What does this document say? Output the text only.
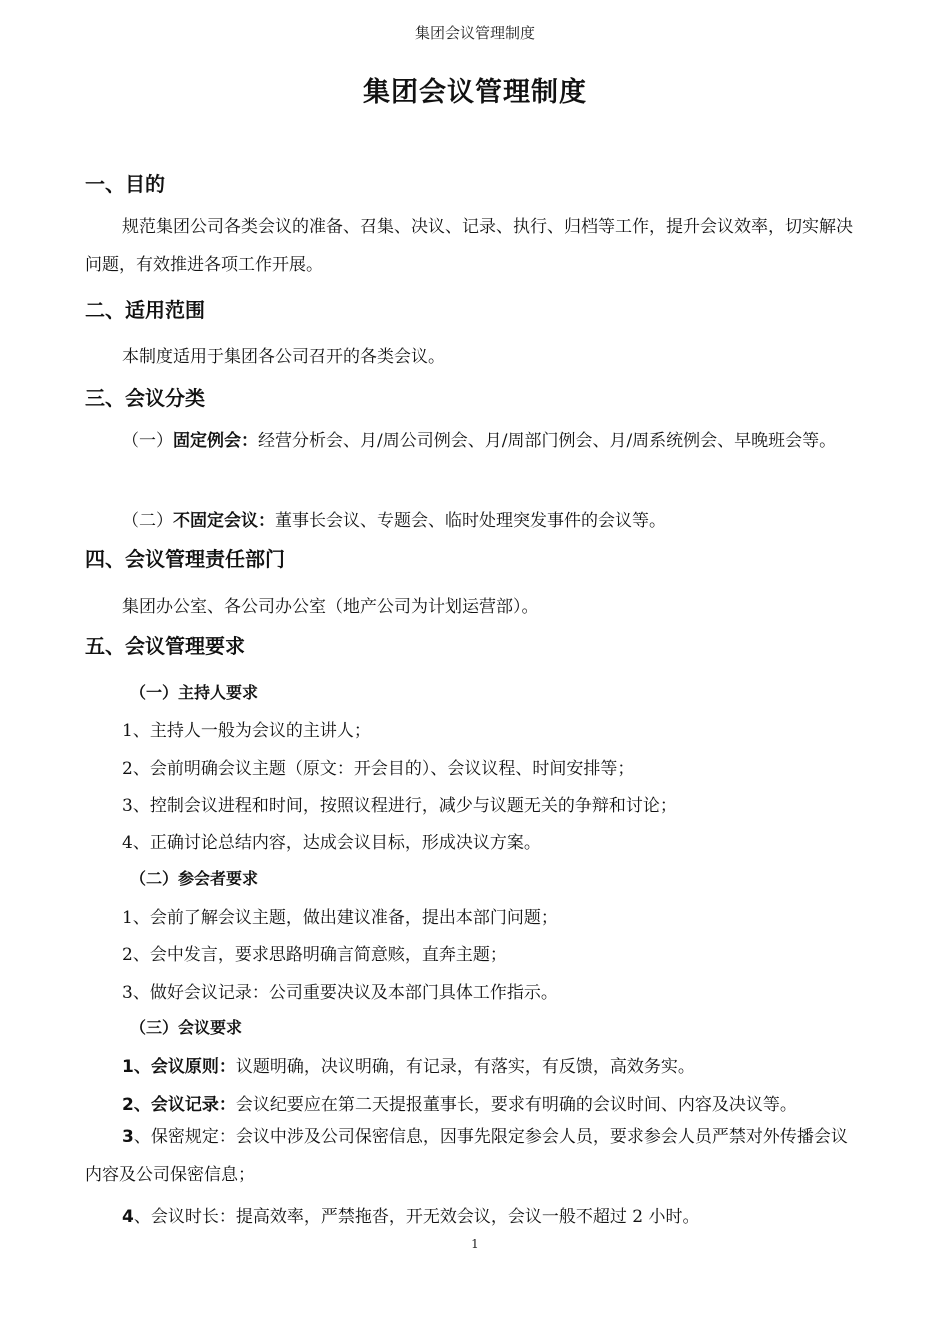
集团会议管理制度
集团会议管理制度
一、目的
规范集团公司各类会议的准备、召集、决议、记录、执行、归档等工作，提升会议效率，切实解决问题，有效推进各项工作开展。
二、适用范围
本制度适用于集团各公司召开的各类会议。
三、会议分类
（一）固定例会：经营分析会、月/周公司例会、月/周部门例会、月/周系统例会、早晚班会等。
（二）不固定会议：董事长会议、专题会、临时处理突发事件的会议等。
四、会议管理责任部门
集团办公室、各公司办公室（地产公司为计划运营部）。
五、会议管理要求
（一）主持人要求
1、主持人一般为会议的主讲人；
2、会前明确会议主题（原文：开会目的）、会议议程、时间安排等；
3、控制会议进程和时间，按照议程进行，减少与议题无关的争辩和讨论；
4、正确讨论总结内容，达成会议目标，形成决议方案。
（二）参会者要求
1、会前了解会议主题，做出建议准备，提出本部门问题；
2、会中发言，要求思路明确言简意赅，直奔主题；
3、做好会议记录：公司重要决议及本部门具体工作指示。
（三）会议要求
1、会议原则：议题明确，决议明确，有记录，有落实，有反馈，高效务实。
2、会议记录：会议纪要应在第二天提报董事长，要求有明确的会议时间、内容及决议等。
3、保密规定：会议中涉及公司保密信息，因事先限定参会人员，要求参会人员严禁对外传播会议内容及公司保密信息；
4、会议时长：提高效率，严禁拖沓，开无效会议，会议一般不超过 2 小时。
1
